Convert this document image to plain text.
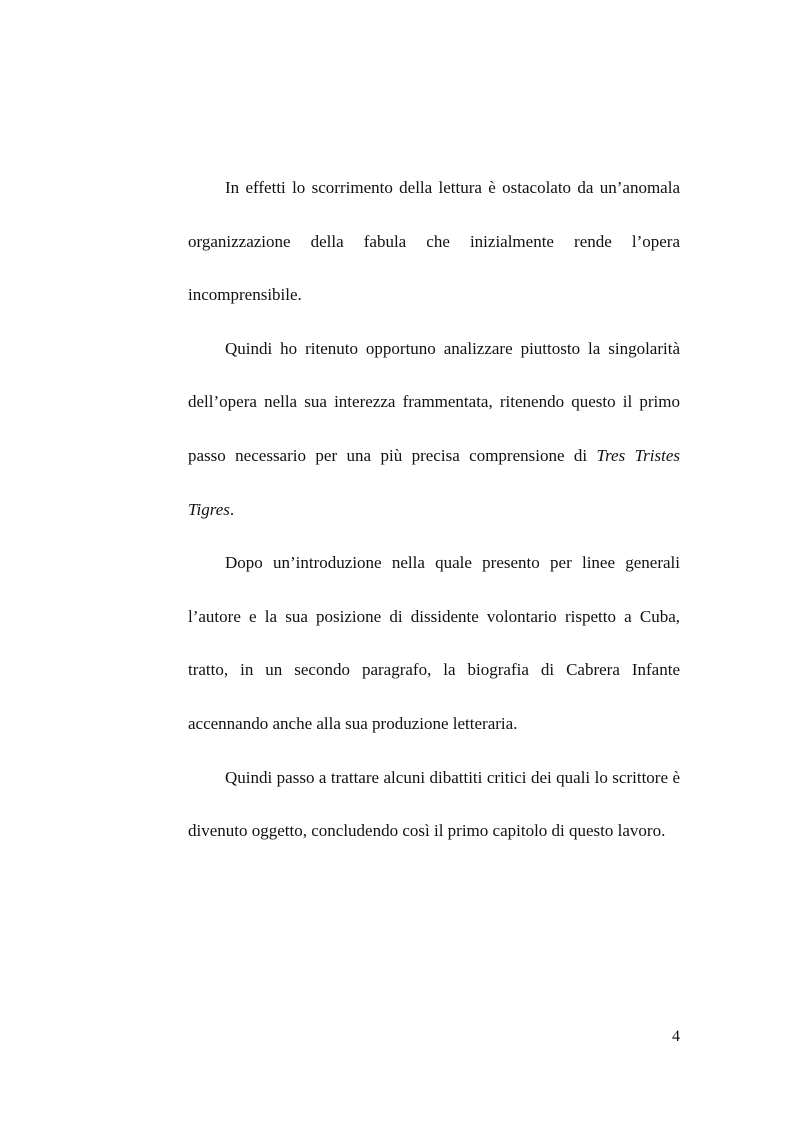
In effetti lo scorrimento della lettura è ostacolato da un’anomala organizzazione della fabula che inizialmente rende l’opera incomprensibile.

Quindi ho ritenuto opportuno analizzare piuttosto la singolarità dell’opera nella sua interezza frammentata, ritenendo questo il primo passo necessario per una più precisa comprensione di Tres Tristes Tigres.

Dopo un’introduzione nella quale presento per linee generali l’autore e la sua posizione di dissidente volontario rispetto a Cuba, tratto, in un secondo paragrafo, la biografia di Cabrera Infante accennando anche alla sua produzione letteraria.

Quindi passo a trattare alcuni dibattiti critici dei quali lo scrittore è divenuto oggetto, concludendo così il primo capitolo di questo lavoro.

4
